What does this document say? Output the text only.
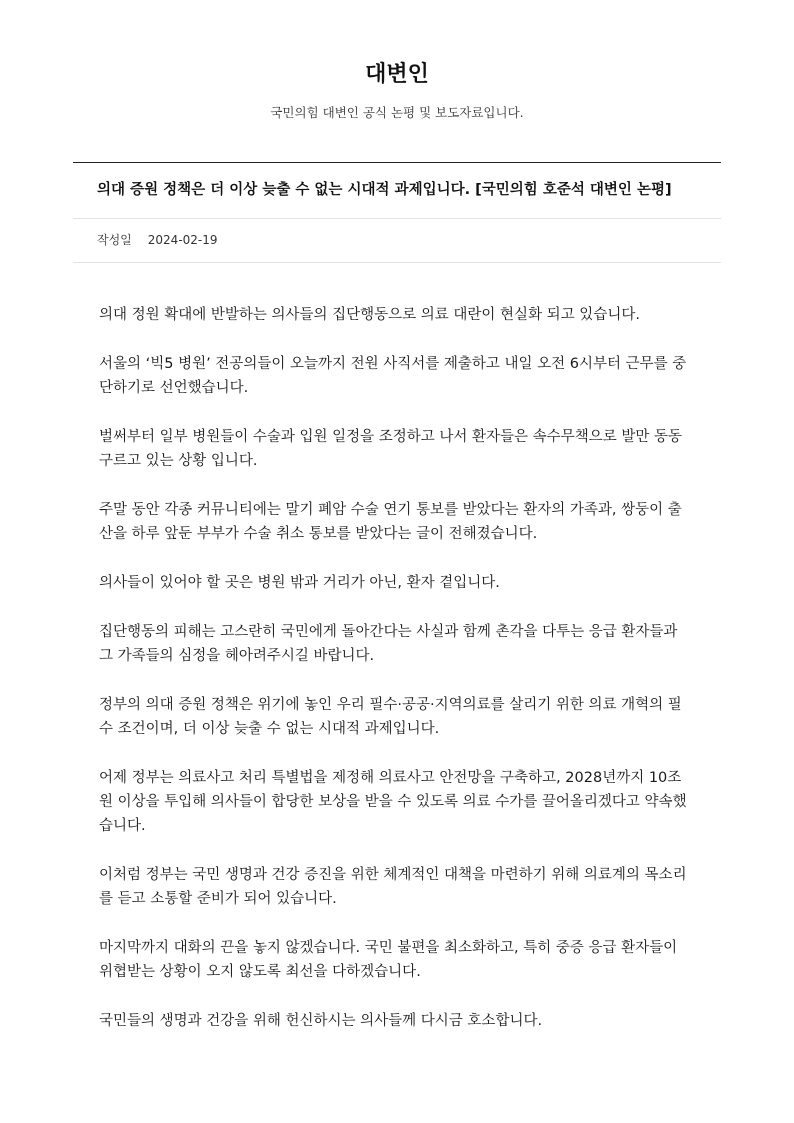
대변인
국민의힘 대변인 공식 논평 및 보도자료입니다.
의대 증원 정책은 더 이상 늦출 수 없는 시대적 과제입니다. [국민의힘 호준석 대변인 논평]
작성일 2024-02-19

의대 정원 확대에 반발하는 의사들의 집단행동으로 의료 대란이 현실화 되고 있습니다.

서울의 ‘빅5 병원’ 전공의들이 오늘까지 전원 사직서를 제출하고 내일 오전 6시부터 근무를 중단하기로 선언했습니다.

벌써부터 일부 병원들이 수술과 입원 일정을 조정하고 나서 환자들은 속수무책으로 발만 동동 구르고 있는 상황 입니다.

주말 동안 각종 커뮤니티에는 말기 폐암 수술 연기 통보를 받았다는 환자의 가족과, 쌍둥이 출산을 하루 앞둔 부부가 수술 취소 통보를 받았다는 글이 전해졌습니다.

의사들이 있어야 할 곳은 병원 밖과 거리가 아닌, 환자 곁입니다.

집단행동의 피해는 고스란히 국민에게 돌아간다는 사실과 함께 촌각을 다투는 응급 환자들과 그 가족들의 심정을 헤아려주시길 바랍니다.

정부의 의대 증원 정책은 위기에 놓인 우리 필수·공공·지역의료를 살리기 위한 의료 개혁의 필수 조건이며, 더 이상 늦출 수 없는 시대적 과제입니다.

어제 정부는 의료사고 처리 특별법을 제정해 의료사고 안전망을 구축하고, 2028년까지 10조 원 이상을 투입해 의사들이 합당한 보상을 받을 수 있도록 의료 수가를 끌어올리겠다고 약속했습니다.

이처럼 정부는 국민 생명과 건강 증진을 위한 체계적인 대책을 마련하기 위해 의료계의 목소리를 듣고 소통할 준비가 되어 있습니다.

마지막까지 대화의 끈을 놓지 않겠습니다. 국민 불편을 최소화하고, 특히 중증 응급 환자들이 위협받는 상황이 오지 않도록 최선을 다하겠습니다.

국민들의 생명과 건강을 위해 헌신하시는 의사들께 다시금 호소합니다.
